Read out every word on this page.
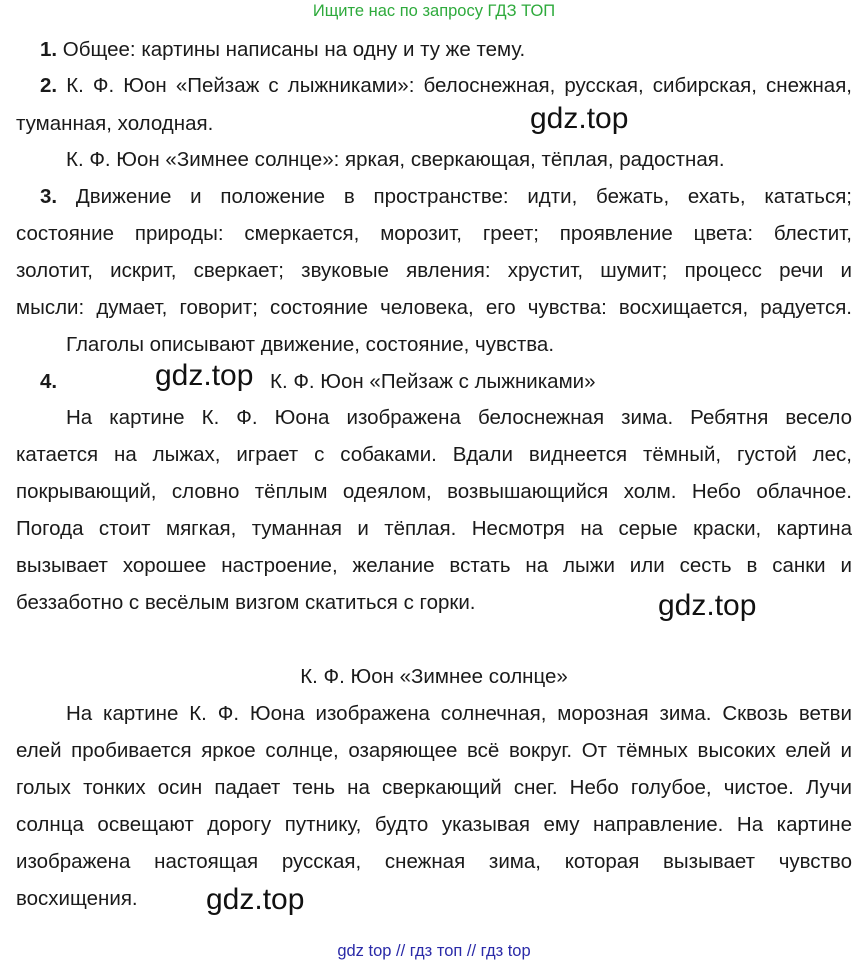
Ищите нас по запросу ГДЗ ТОП
1. Общее: картины написаны на одну и ту же тему.
2. К. Ф. Юон «Пейзаж с лыжниками»: белоснежная, русская, сибирская, снежная,
туманная, холодная.
К. Ф. Юон «Зимнее солнце»: яркая, сверкающая, тёплая, радостная.
3. Движение и положение в пространстве: идти, бежать, ехать, кататься;
состояние природы: смеркается, морозит, греет; проявление цвета: блестит,
золотит, искрит, сверкает; звуковые явления: хрустит, шумит; процесс речи и
мысли: думает, говорит; состояние человека, его чувства: восхищается, радуется.
Глаголы описывают движение, состояние, чувства.
4.	К. Ф. Юон «Пейзаж с лыжниками»
На картине К. Ф. Юона изображена белоснежная зима. Ребятня весело
катается на лыжах, играет с собаками. Вдали виднеется тёмный, густой лес,
покрывающий, словно тёплым одеялом, возвышающийся холм. Небо облачное.
Погода стоит мягкая, туманная и тёплая. Несмотря на серые краски, картина
вызывает хорошее настроение, желание встать на лыжи или сесть в санки и
беззаботно с весёлым визгом скатиться с горки.
К. Ф. Юон «Зимнее солнце»
На картине К. Ф. Юона изображена солнечная, морозная зима. Сквозь ветви
елей пробивается яркое солнце, озаряющее всё вокруг. От тёмных высоких елей и
голых тонких осин падает тень на сверкающий снег. Небо голубое, чистое. Лучи
солнца освещают дорогу путнику, будто указывая ему направление. На картине
изображена настоящая русская, снежная зима, которая вызывает чувство
восхищения.
gdz.top
gdz.top
gdz.top
gdz.top
gdz top // гдз топ // гдз top
